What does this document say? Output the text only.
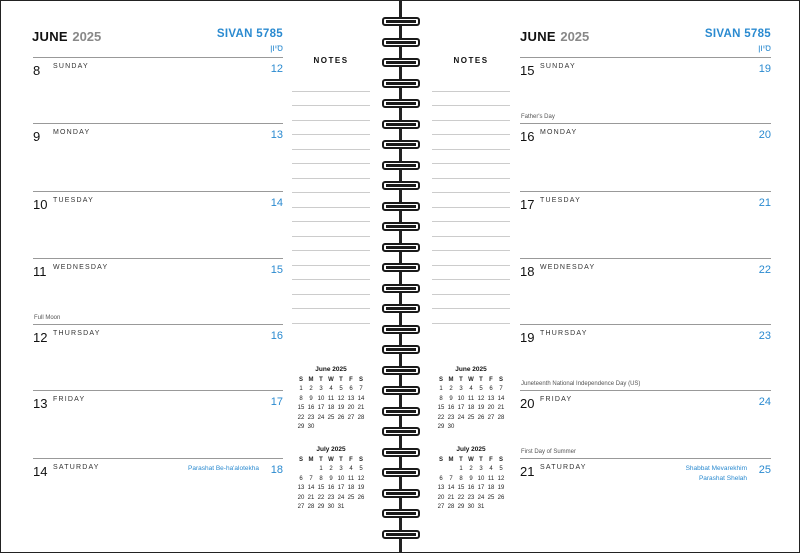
JUNE 2025	SIVAN 5785
סיון
8 SUNDAY	12
9 MONDAY	13
10 TUESDAY	14
11 WEDNESDAY	15
12 THURSDAY	16
Full Moon
13 FRIDAY	17
14 SATURDAY	18
Parashat Be-ha'alotekha
NOTES
June 2025
S	M	T	W	T	F	S
1	2	3	4	5	6	7
8	9	10	11	12	13	14
15	16	17	18	19	20	21
22	23	24	25	26	27	28
29	30					
July 2025
S	M	T	W	T	F	S
		1	2	3	4	5
6	7	8	9	10	11	12
13	14	15	16	17	18	19
20	21	22	23	24	25	26
27	28	29	30	31		
NOTES
June 2025
S	M	T	W	T	F	S
1	2	3	4	5	6	7
8	9	10	11	12	13	14
15	16	17	18	19	20	21
22	23	24	25	26	27	28
29	30					
July 2025
S	M	T	W	T	F	S
		1	2	3	4	5
6	7	8	9	10	11	12
13	14	15	16	17	18	19
20	21	22	23	24	25	26
27	28	29	30	31		
JUNE 2025	SIVAN 5785
סיון
15 SUNDAY	19
16 MONDAY	20
Father's Day
17 TUESDAY	21
18 WEDNESDAY	22
19 THURSDAY	23
20 FRIDAY	24
Juneteenth National Independence Day (US)
21 SATURDAY	25
Shabbat Mevarekhim
Parashat Shelah
First Day of Summer
